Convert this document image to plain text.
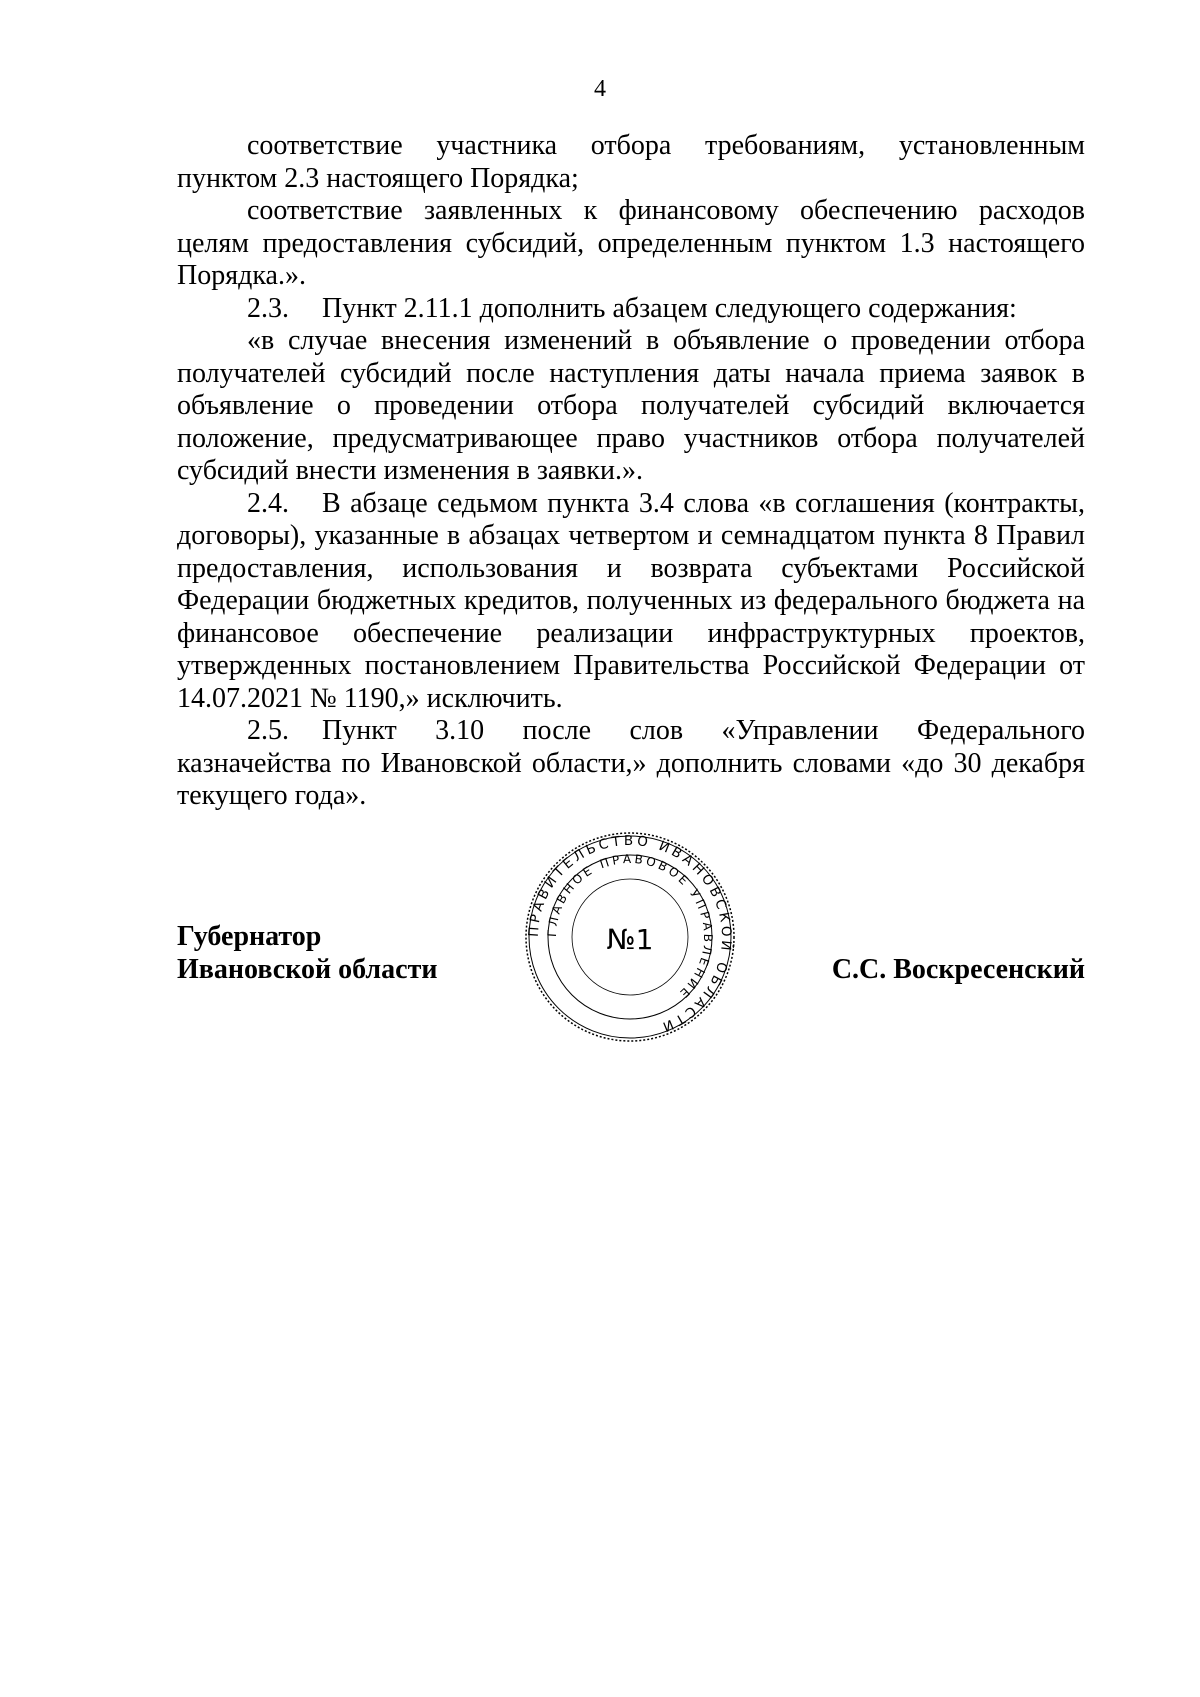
4

соответствие участника отбора требованиям, установленным пунктом 2.3 настоящего Порядка;

соответствие заявленных к финансовому обеспечению расходов целям предоставления субсидий, определенным пунктом 1.3 настоящего Порядка.».

2.3. Пункт 2.11.1 дополнить абзацем следующего содержания:

«в случае внесения изменений в объявление о проведении отбора получателей субсидий после наступления даты начала приема заявок в объявление о проведении отбора получателей субсидий включается положение, предусматривающее право участников отбора получателей субсидий внести изменения в заявки.».

2.4. В абзаце седьмом пункта 3.4 слова «в соглашения (контракты, договоры), указанные в абзацах четвертом и семнадцатом пункта 8 Правил предоставления, использования и возврата субъектами Российской Федерации бюджетных кредитов, полученных из федерального бюджета на финансовое обеспечение реализации инфраструктурных проектов, утвержденных постановлением Правительства Российской Федерации от 14.07.2021 № 1190,» исключить.

2.5. Пункт 3.10 после слов «Управлении Федерального казначейства по Ивановской области,» дополнить словами «до 30 декабря текущего года».

ПРАВИТЕЛЬСТВО ИВАНОВСКОЙ ОБЛАСТИ
ГЛАВНОЕ ПРАВОВОЕ УПРАВЛЕНИЕ
№1
Губернатор
Ивановской области	С.С. Воскресенский
